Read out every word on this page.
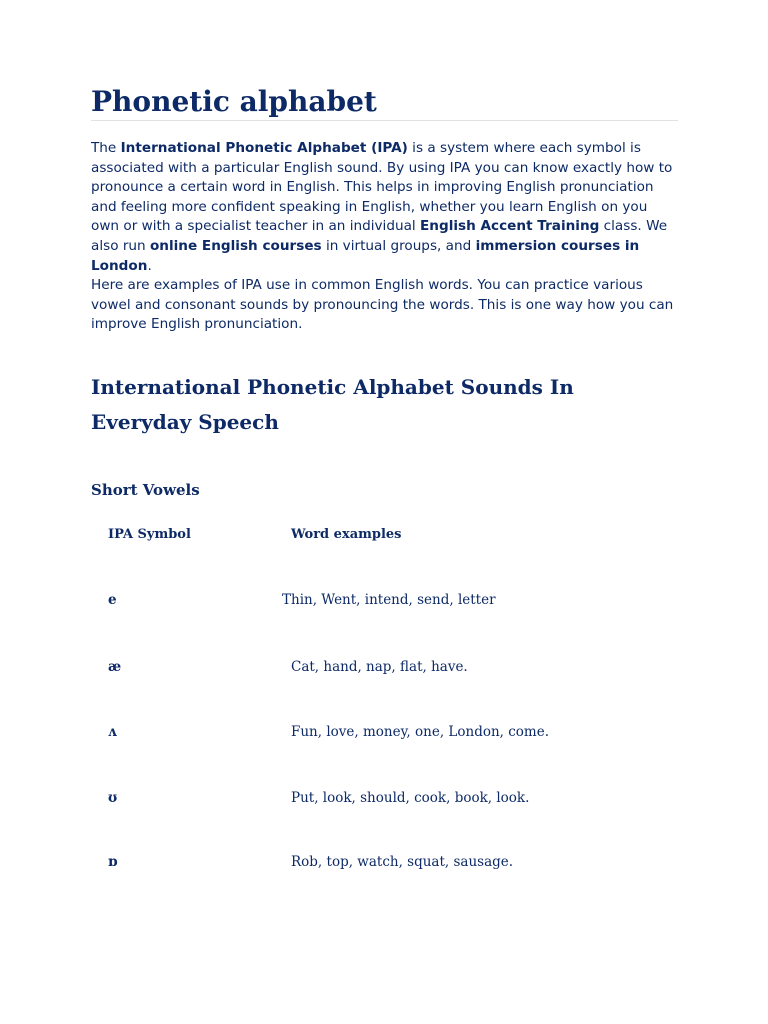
Phonetic alphabet
The International Phonetic Alphabet (IPA) is a system where each symbol is associated with a particular English sound. By using IPA you can know exactly how to pronounce a certain word in English. This helps in improving English pronunciation and feeling more confident speaking in English, whether you learn English on you own or with a specialist teacher in an individual English Accent Training class. We also run online English courses in virtual groups, and immersion courses in London.
Here are examples of IPA use in common English words. You can practice various vowel and consonant sounds by pronouncing the words. This is one way how you can improve English pronunciation.
International Phonetic Alphabet Sounds In Everyday Speech
Short Vowels
IPA Symbol	Word examples
e	Thin, Went, intend, send, letter
æ	Cat, hand, nap, flat, have.
ʌ	Fun, love, money, one, London, come.
ʊ	Put, look, should, cook, book, look.
ɒ	Rob, top, watch, squat, sausage.
